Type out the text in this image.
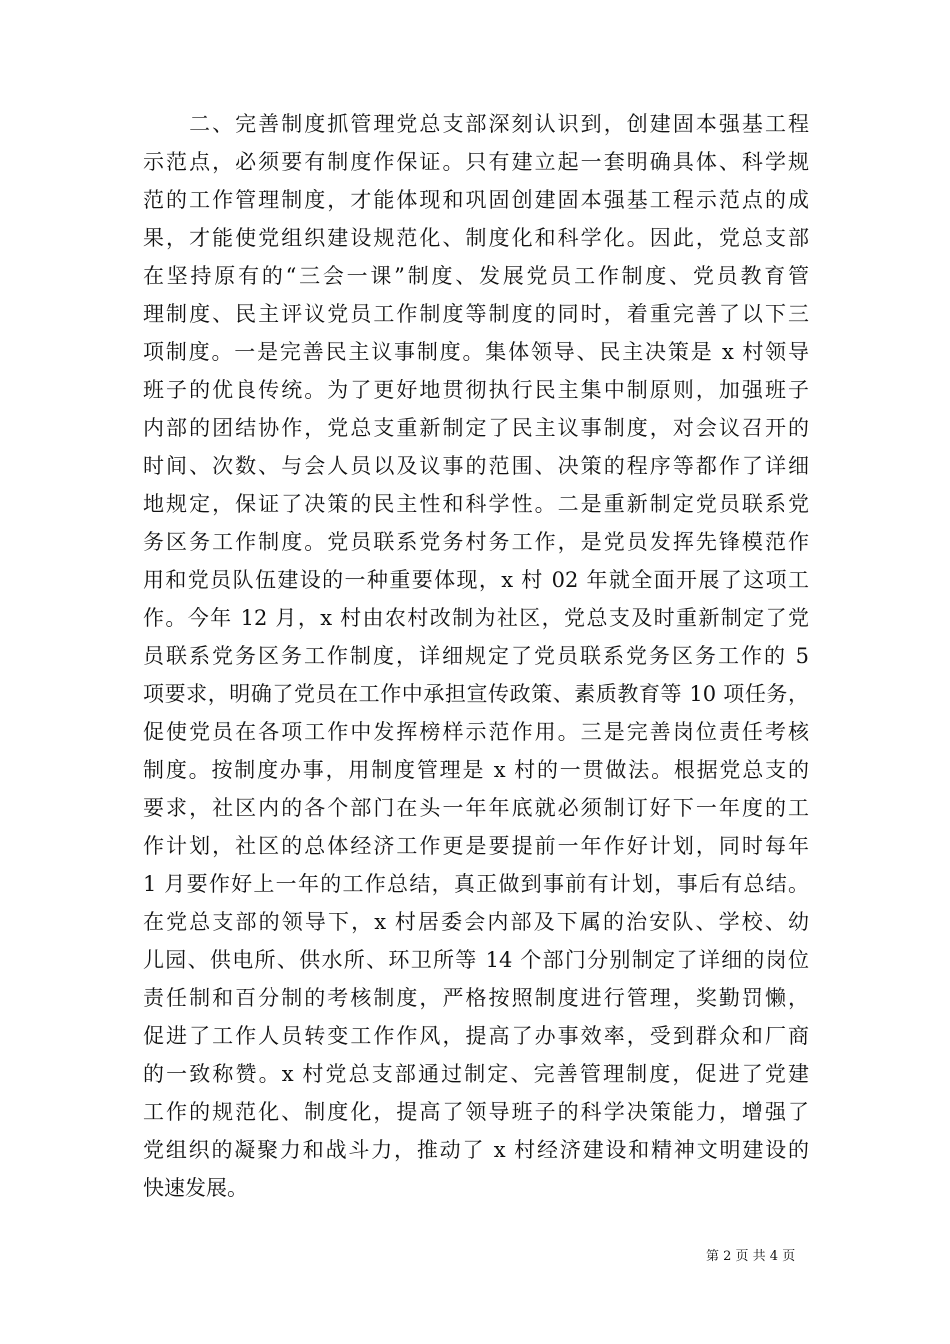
　　二、完善制度抓管理党总支部深刻认识到，创建固本强基工程
示范点，必须要有制度作保证。只有建立起一套明确具体、科学规
范的工作管理制度，才能体现和巩固创建固本强基工程示范点的成
果，才能使党组织建设规范化、制度化和科学化。因此，党总支部
在坚持原有的“三会一课”制度、发展党员工作制度、党员教育管
理制度、民主评议党员工作制度等制度的同时，着重完善了以下三
项制度。一是完善民主议事制度。集体领导、民主决策是 x 村领导
班子的优良传统。为了更好地贯彻执行民主集中制原则，加强班子
内部的团结协作，党总支重新制定了民主议事制度，对会议召开的
时间、次数、与会人员以及议事的范围、决策的程序等都作了详细
地规定，保证了决策的民主性和科学性。二是重新制定党员联系党
务区务工作制度。党员联系党务村务工作，是党员发挥先锋模范作
用和党员队伍建设的一种重要体现，x 村 02 年就全面开展了这项工
作。今年 12 月，x 村由农村改制为社区，党总支及时重新制定了党
员联系党务区务工作制度，详细规定了党员联系党务区务工作的 5
项要求，明确了党员在工作中承担宣传政策、素质教育等 10 项任务，
促使党员在各项工作中发挥榜样示范作用。三是完善岗位责任考核
制度。按制度办事，用制度管理是 x 村的一贯做法。根据党总支的
要求，社区内的各个部门在头一年年底就必须制订好下一年度的工
作计划，社区的总体经济工作更是要提前一年作好计划，同时每年
1 月要作好上一年的工作总结，真正做到事前有计划，事后有总结。
在党总支部的领导下，x 村居委会内部及下属的治安队、学校、幼
儿园、供电所、供水所、环卫所等 14 个部门分别制定了详细的岗位
责任制和百分制的考核制度，严格按照制度进行管理，奖勤罚懒，
促进了工作人员转变工作作风，提高了办事效率，受到群众和厂商
的一致称赞。x 村党总支部通过制定、完善管理制度，促进了党建
工作的规范化、制度化，提高了领导班子的科学决策能力，增强了
党组织的凝聚力和战斗力，推动了 x 村经济建设和精神文明建设的
快速发展。
第 2 页 共 4 页
